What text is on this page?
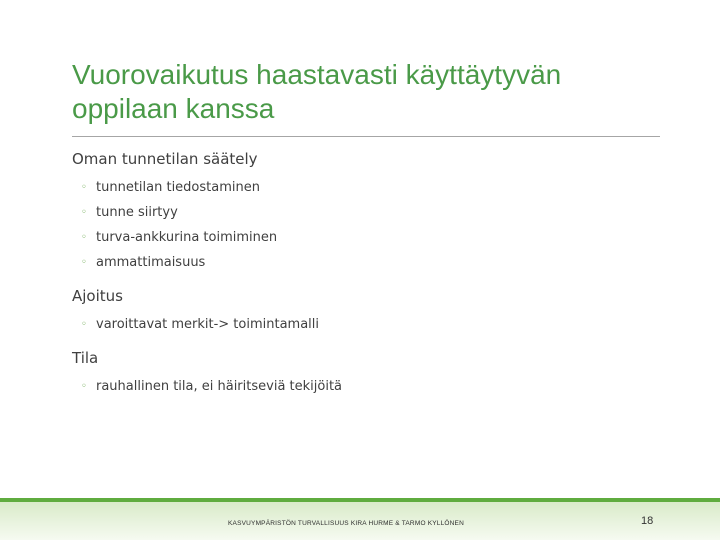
Vuorovaikutus haastavasti käyttäytyvän
oppilaan kanssa

Oman tunnetilan säätely

◦ tunnetilan tiedostaminen
◦ tunne siirtyy
◦ turva-ankkurina toimiminen
◦ ammattimaisuus

Ajoitus

◦ varoittavat merkit-> toimintamalli

Tila

◦ rauhallinen tila, ei häiritseviä tekijöitä
KASVUYMPÄRISTÖN TURVALLISUUS KIRA HURME & TARMO KYLLÖNEN	18
